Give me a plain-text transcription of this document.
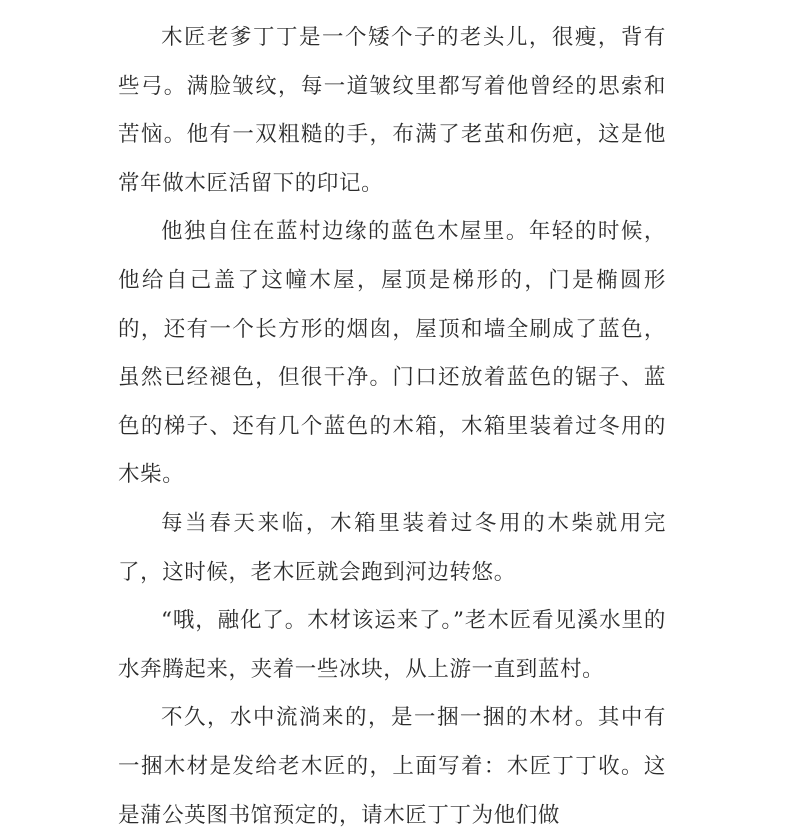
木匠老爹丁丁是一个矮个子的老头儿，很瘦，背有些弓。满脸皱纹，每一道皱纹里都写着他曾经的思索和苦恼。他有一双粗糙的手，布满了老茧和伤疤，这是他常年做木匠活留下的印记。

他独自住在蓝村边缘的蓝色木屋里。年轻的时候，他给自己盖了这幢木屋，屋顶是梯形的，门是椭圆形的，还有一个长方形的烟囱，屋顶和墙全刷成了蓝色，虽然已经褪色，但很干净。门口还放着蓝色的锯子、蓝色的梯子、还有几个蓝色的木箱，木箱里装着过冬用的木柴。

每当春天来临，木箱里装着过冬用的木柴就用完了，这时候，老木匠就会跑到河边转悠。

“哦，融化了。木材该运来了。”老木匠看见溪水里的水奔腾起来，夹着一些冰块，从上游一直到蓝村。

不久，水中流淌来的，是一捆一捆的木材。其中有一捆木材是发给老木匠的，上面写着：木匠丁丁收。这是蒲公英图书馆预定的，请木匠丁丁为他们做
